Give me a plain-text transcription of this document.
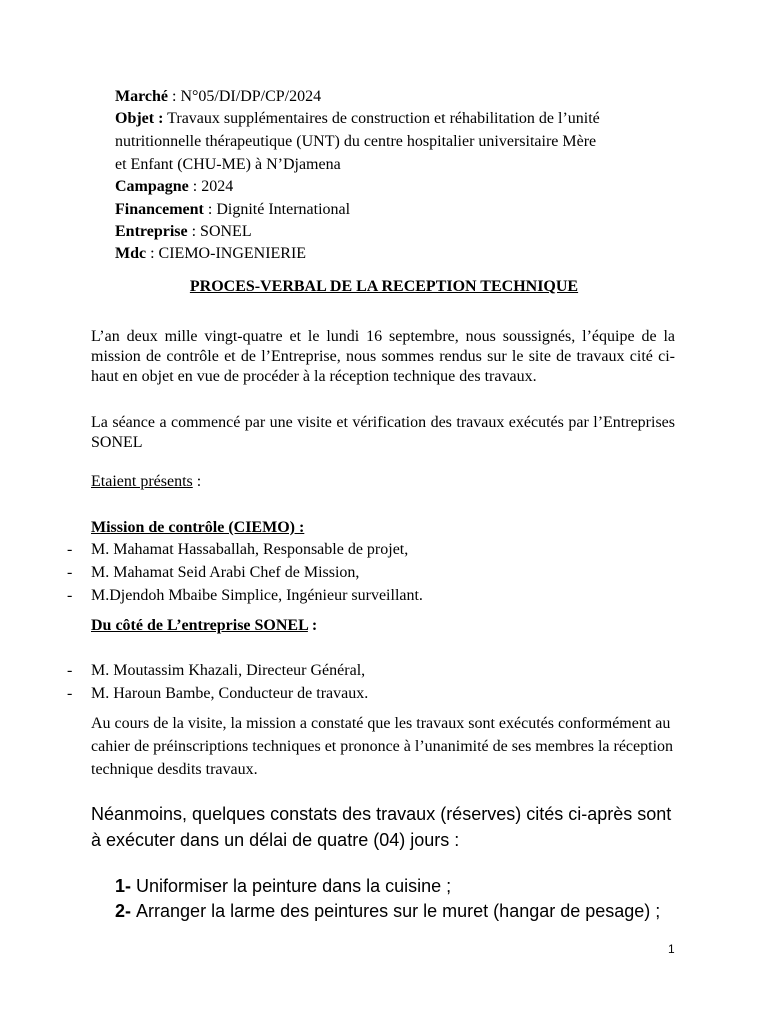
Marché : N°05/DI/DP/CP/2024
Objet : Travaux supplémentaires de construction et réhabilitation de l’unité
nutritionnelle thérapeutique (UNT) du centre hospitalier universitaire Mère
et Enfant (CHU-ME) à N’Djamena
Campagne : 2024
Financement : Dignité International
Entreprise : SONEL
Mdc : CIEMO-INGENIERIE
PROCES-VERBAL DE LA RECEPTION TECHNIQUE
L’an deux mille vingt-quatre et le lundi 16 septembre, nous soussignés, l’équipe de la mission de contrôle et de l’Entreprise, nous sommes rendus sur le site de travaux cité ci-haut en objet en vue de procéder à la réception technique des travaux.
La séance a commencé par une visite et vérification des travaux exécutés par l’Entreprises SONEL
Etaient présents :
Mission de contrôle (CIEMO) :
- M. Mahamat Hassaballah, Responsable de projet,
- M. Mahamat Seid Arabi Chef de Mission,
- M.Djendoh Mbaibe Simplice, Ingénieur surveillant.
Du côté de L’entreprise SONEL :
- M. Moutassim Khazali, Directeur Général,
- M. Haroun Bambe, Conducteur de travaux.
Au cours de la visite, la mission a constaté que les travaux sont exécutés conformément au cahier de préinscriptions techniques et prononce à l’unanimité de ses membres la réception technique desdits travaux.
Néanmoins, quelques constats des travaux (réserves) cités ci-après sont à exécuter dans un délai de quatre (04) jours :
1- Uniformiser la peinture dans la cuisine ;
2- Arranger la larme des peintures sur le muret (hangar de pesage) ;
1
